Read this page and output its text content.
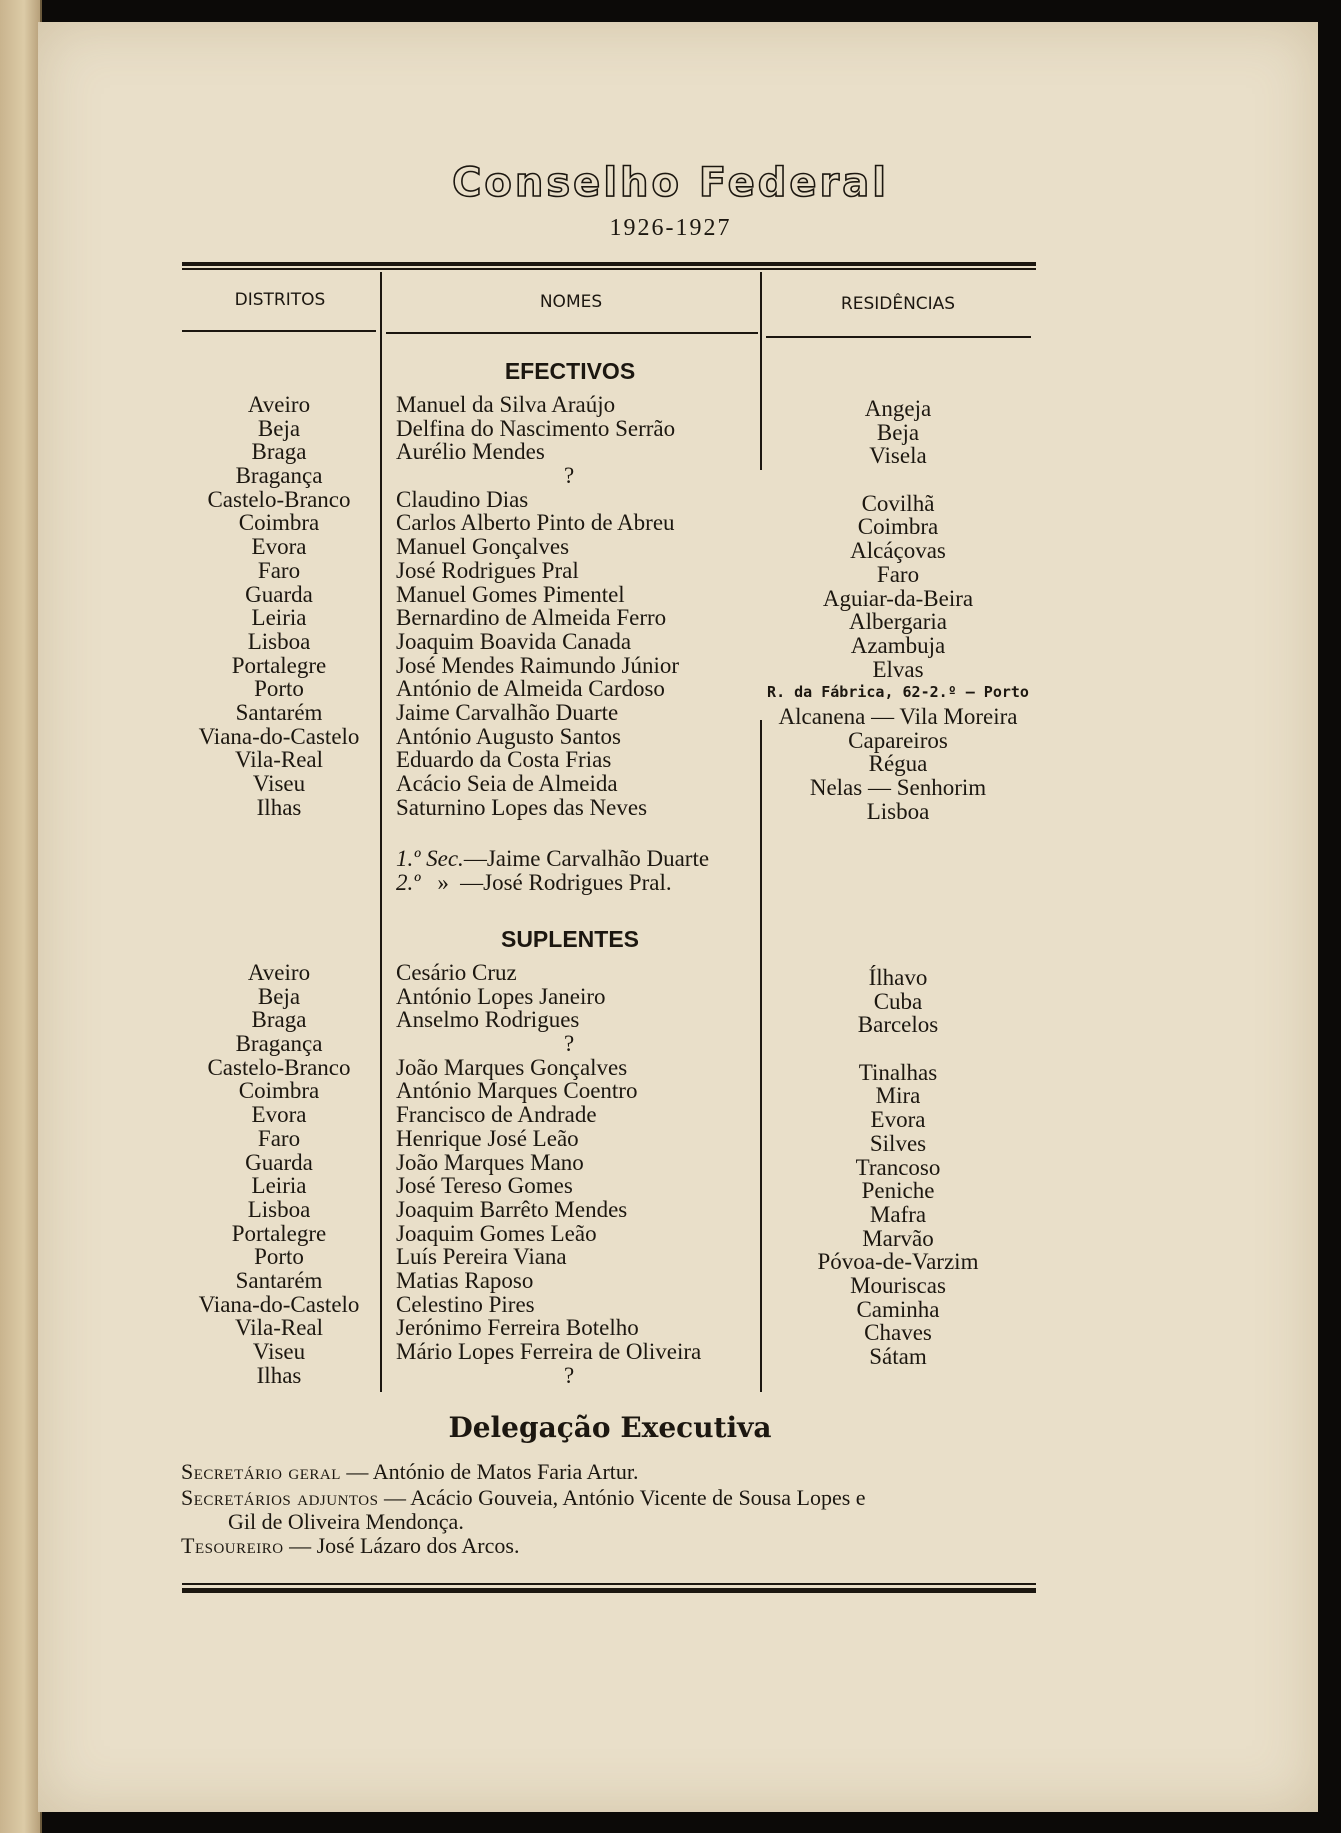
Conselho Federal
1926-1927
DISTRITOS	NOMES	RESIDÊNCIAS
EFECTIVOS
Aveiro
Beja
Braga
Bragança
Castelo-Branco
Coimbra
Evora
Faro
Guarda
Leiria
Lisboa
Portalegre
Porto
Santarém
Viana-do-Castelo
Vila-Real
Viseu
Ilhas
Manuel da Silva Araújo
Delfina do Nascimento Serrão
Aurélio Mendes
?
Claudino Dias
Carlos Alberto Pinto de Abreu
Manuel Gonçalves
José Rodrigues Pral
Manuel Gomes Pimentel
Bernardino de Almeida Ferro
Joaquim Boavida Canada
José Mendes Raimundo Júnior
António de Almeida Cardoso
Jaime Carvalhão Duarte
António Augusto Santos
Eduardo da Costa Frias
Acácio Seia de Almeida
Saturnino Lopes das Neves
Angeja
Beja
Visela
Covilhã
Coimbra
Alcáçovas
Faro
Aguiar-da-Beira
Albergaria
Azambuja
Elvas
R. da Fábrica, 62-2.º — Porto
Alcanena — Vila Moreira
Capareiros
Régua
Nelas — Senhorim
Lisboa
1.º Sec.—Jaime Carvalhão Duarte
2.º » —José Rodrigues Pral.
SUPLENTES
Aveiro
Beja
Braga
Bragança
Castelo-Branco
Coimbra
Evora
Faro
Guarda
Leiria
Lisboa
Portalegre
Porto
Santarém
Viana-do-Castelo
Vila-Real
Viseu
Ilhas
Cesário Cruz
António Lopes Janeiro
Anselmo Rodrigues
?
João Marques Gonçalves
António Marques Coentro
Francisco de Andrade
Henrique José Leão
João Marques Mano
José Tereso Gomes
Joaquim Barrêto Mendes
Joaquim Gomes Leão
Luís Pereira Viana
Matias Raposo
Celestino Pires
Jerónimo Ferreira Botelho
Mário Lopes Ferreira de Oliveira
?
Ílhavo
Cuba
Barcelos
Tinalhas
Mira
Evora
Silves
Trancoso
Peniche
Mafra
Marvão
Póvoa-de-Varzim
Mouriscas
Caminha
Chaves
Sátam
Delegação Executiva
Secretário geral — António de Matos Faria Artur.
Secretários adjuntos — Acácio Gouveia, António Vicente de Sousa Lopes e
Gil de Oliveira Mendonça.
Tesoureiro — José Lázaro dos Arcos.
